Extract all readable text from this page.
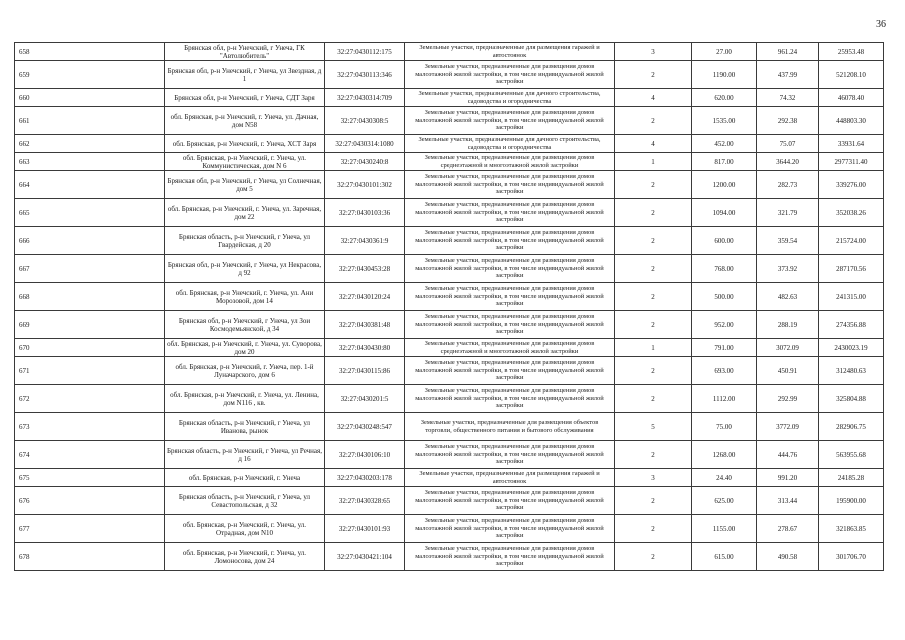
36
658	Брянская обл, р-н Унечский, г Унеча, ГК "Автолюбитель"	32:27:0430112:175	Земельные участки, предназначенные для размещения гаражей и автостоянок	3	27.00	961.24	25953.48
659	Брянская обл, р-н Унечский, г Унеча, ул Звездная, д 1	32:27:0430113:346	Земельные участки, предназначенные для размещения домов малоэтажной жилой застройки, в том числе индивидуальной жилой застройки	2	1190.00	437.99	521208.10
660	Брянская обл, р-н Унечский, г Унеча, СДТ Заря	32:27:0430314:709	Земельные участки, предназначенные для дачного строительства, садоводства и огородничества	4	620.00	74.32	46078.40
661	обл. Брянская, р-н Унечский, г. Унеча, ул. Дачная, дом N58	32:27:0430308:5	Земельные участки, предназначенные для размещения домов малоэтажной жилой застройки, в том числе индивидуальной жилой застройки	2	1535.00	292.38	448803.30
662	обл. Брянская, р-н Унечский, г. Унеча, ХСТ Заря	32:27:0430314:1080	Земельные участки, предназначенные для дачного строительства, садоводства и огородничества	4	452.00	75.07	33931.64
663	обл. Брянская, р-н Унечский, г. Унеча, ул. Коммунистическая, дом N 6	32:27:0430240:8	Земельные участки, предназначенные для размещения домов среднеэтажной и многоэтажной жилой застройки	1	817.00	3644.20	2977311.40
664	Брянская обл, р-н Унечский, г Унеча, ул Солнечная, дом 5	32:27:0430101:302	Земельные участки, предназначенные для размещения домов малоэтажной жилой застройки, в том числе индивидуальной жилой застройки	2	1200.00	282.73	339276.00
665	обл. Брянская, р-н Унечский, г. Унеча, ул. Заречная, дом 22	32:27:0430103:36	Земельные участки, предназначенные для размещения домов малоэтажной жилой застройки, в том числе индивидуальной жилой застройки	2	1094.00	321.79	352038.26
666	Брянская область, р-н Унечский, г Унеча, ул Гвардейская, д 20	32:27:0430361:9	Земельные участки, предназначенные для размещения домов малоэтажной жилой застройки, в том числе индивидуальной жилой застройки	2	600.00	359.54	215724.00
667	Брянская обл, р-н Унечский, г Унеча, ул Некрасова, д 92	32:27:0430453:28	Земельные участки, предназначенные для размещения домов малоэтажной жилой застройки, в том числе индивидуальной жилой застройки	2	768.00	373.92	287170.56
668	обл. Брянская, р-н Унечский, г. Унеча, ул. Ани Морозовой, дом 14	32:27:0430120:24	Земельные участки, предназначенные для размещения домов малоэтажной жилой застройки, в том числе индивидуальной жилой застройки	2	500.00	482.63	241315.00
669	Брянская обл, р-н Унечский, г Унеча, ул Зои Космодемьянской, д 34	32:27:0430381:48	Земельные участки, предназначенные для размещения домов малоэтажной жилой застройки, в том числе индивидуальной жилой застройки	2	952.00	288.19	274356.88
670	обл. Брянская, р-н Унечский, г. Унеча, ул. Суворова, дом 20	32:27:0430430:80	Земельные участки, предназначенные для размещения домов среднеэтажной и многоэтажной жилой застройки	1	791.00	3072.09	2430023.19
671	обл. Брянская, р-н Унечский, г. Унеча, пер. 1-й Луначарского, дом 6	32:27:0430115:86	Земельные участки, предназначенные для размещения домов малоэтажной жилой застройки, в том числе индивидуальной жилой застройки	2	693.00	450.91	312480.63
672	обл. Брянская, р-н Унечский, г. Унеча, ул. Ленина, дом N116 , кв.	32:27:0430201:5	Земельные участки, предназначенные для размещения домов малоэтажной жилой застройки, в том числе индивидуальной жилой застройки	2	1112.00	292.99	325804.88
673	Брянская область, р-н Унечский, г Унеча, ул Иванова, рынок	32:27:0430248:547	Земельные участки, предназначенные для размещения объектов торговли, общественного питания и бытового обслуживания	5	75.00	3772.09	282906.75
674	Брянская область, р-н Унечский, г Унеча, ул Речная, д 16	32:27:0430106:10	Земельные участки, предназначенные для размещения домов малоэтажной жилой застройки, в том числе индивидуальной жилой застройки	2	1268.00	444.76	563955.68
675	обл. Брянская, р-н Унечский, г. Унеча	32:27:0430203:178	Земельные участки, предназначенные для размещения гаражей и автостоянок	3	24.40	991.20	24185.28
676	Брянская область, р-н Унечский, г Унеча, ул Севастопольская, д 32	32:27:0430328:65	Земельные участки, предназначенные для размещения домов малоэтажной жилой застройки, в том числе индивидуальной жилой застройки	2	625.00	313.44	195900.00
677	обл. Брянская, р-н Унечский, г. Унеча, ул. Отрадная, дом N10	32:27:0430101:93	Земельные участки, предназначенные для размещения домов малоэтажной жилой застройки, в том числе индивидуальной жилой застройки	2	1155.00	278.67	321863.85
678	обл. Брянская, р-н Унечский, г. Унеча, ул. Ломоносова, дом 24	32:27:0430421:104	Земельные участки, предназначенные для размещения домов малоэтажной жилой застройки, в том числе индивидуальной жилой застройки	2	615.00	490.58	301706.70
